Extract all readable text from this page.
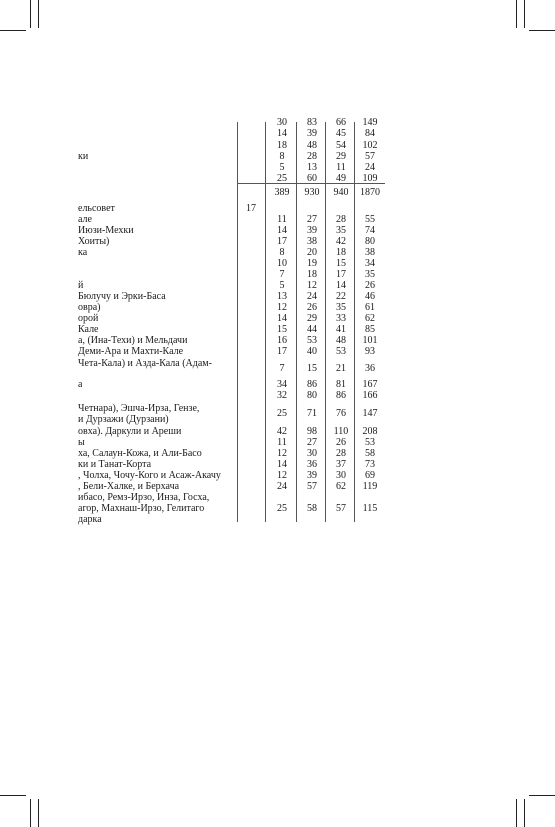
30	83	66	149
14	39	45	84
18	48	54	102
ки	8	28	29	57
5	13	11	24
25	60	49	109
389	930	940	1870
ельсовет	17
але	11	27	28	55
Июзи-Мехки	14	39	35	74
Хоиты)	17	38	42	80
ка	8	20	18	38
10	19	15	34
7	18	17	35
й	5	12	14	26
Бюлучу и Эрки-Баса	13	24	22	46
овра)	12	26	35	61
орой	14	29	33	62
Кале	15	44	41	85
а, (Ина-Техи) и Мельдачи	16	53	48	101
Деми-Ара и Махти-Кале	17	40	53	93
Чета-Кала) и Азда-Кала (Адам-	7	15	21	36
а	34	86	81	167
32	80	86	166
Четнара), Эшча-Ирза, Гензе,	25	71	76	147
и Дурзажи (Дурзани)
овха). Даркули и Ареши	42	98	110	208
ы	11	27	26	53
ха, Салаун-Кожа, и Али-Басо	12	30	28	58
ки и Танат-Корта	14	36	37	73
, Чолха, Чочу-Кого и Асаж-Акачу	12	39	30	69
, Бели-Халке, и Берхача	24	57	62	119
ибасо, Ремз-Ирзо, Инза, Госха,
агор, Махнаш-Ирзо, Гелитаго	25	58	57	115
дарка
